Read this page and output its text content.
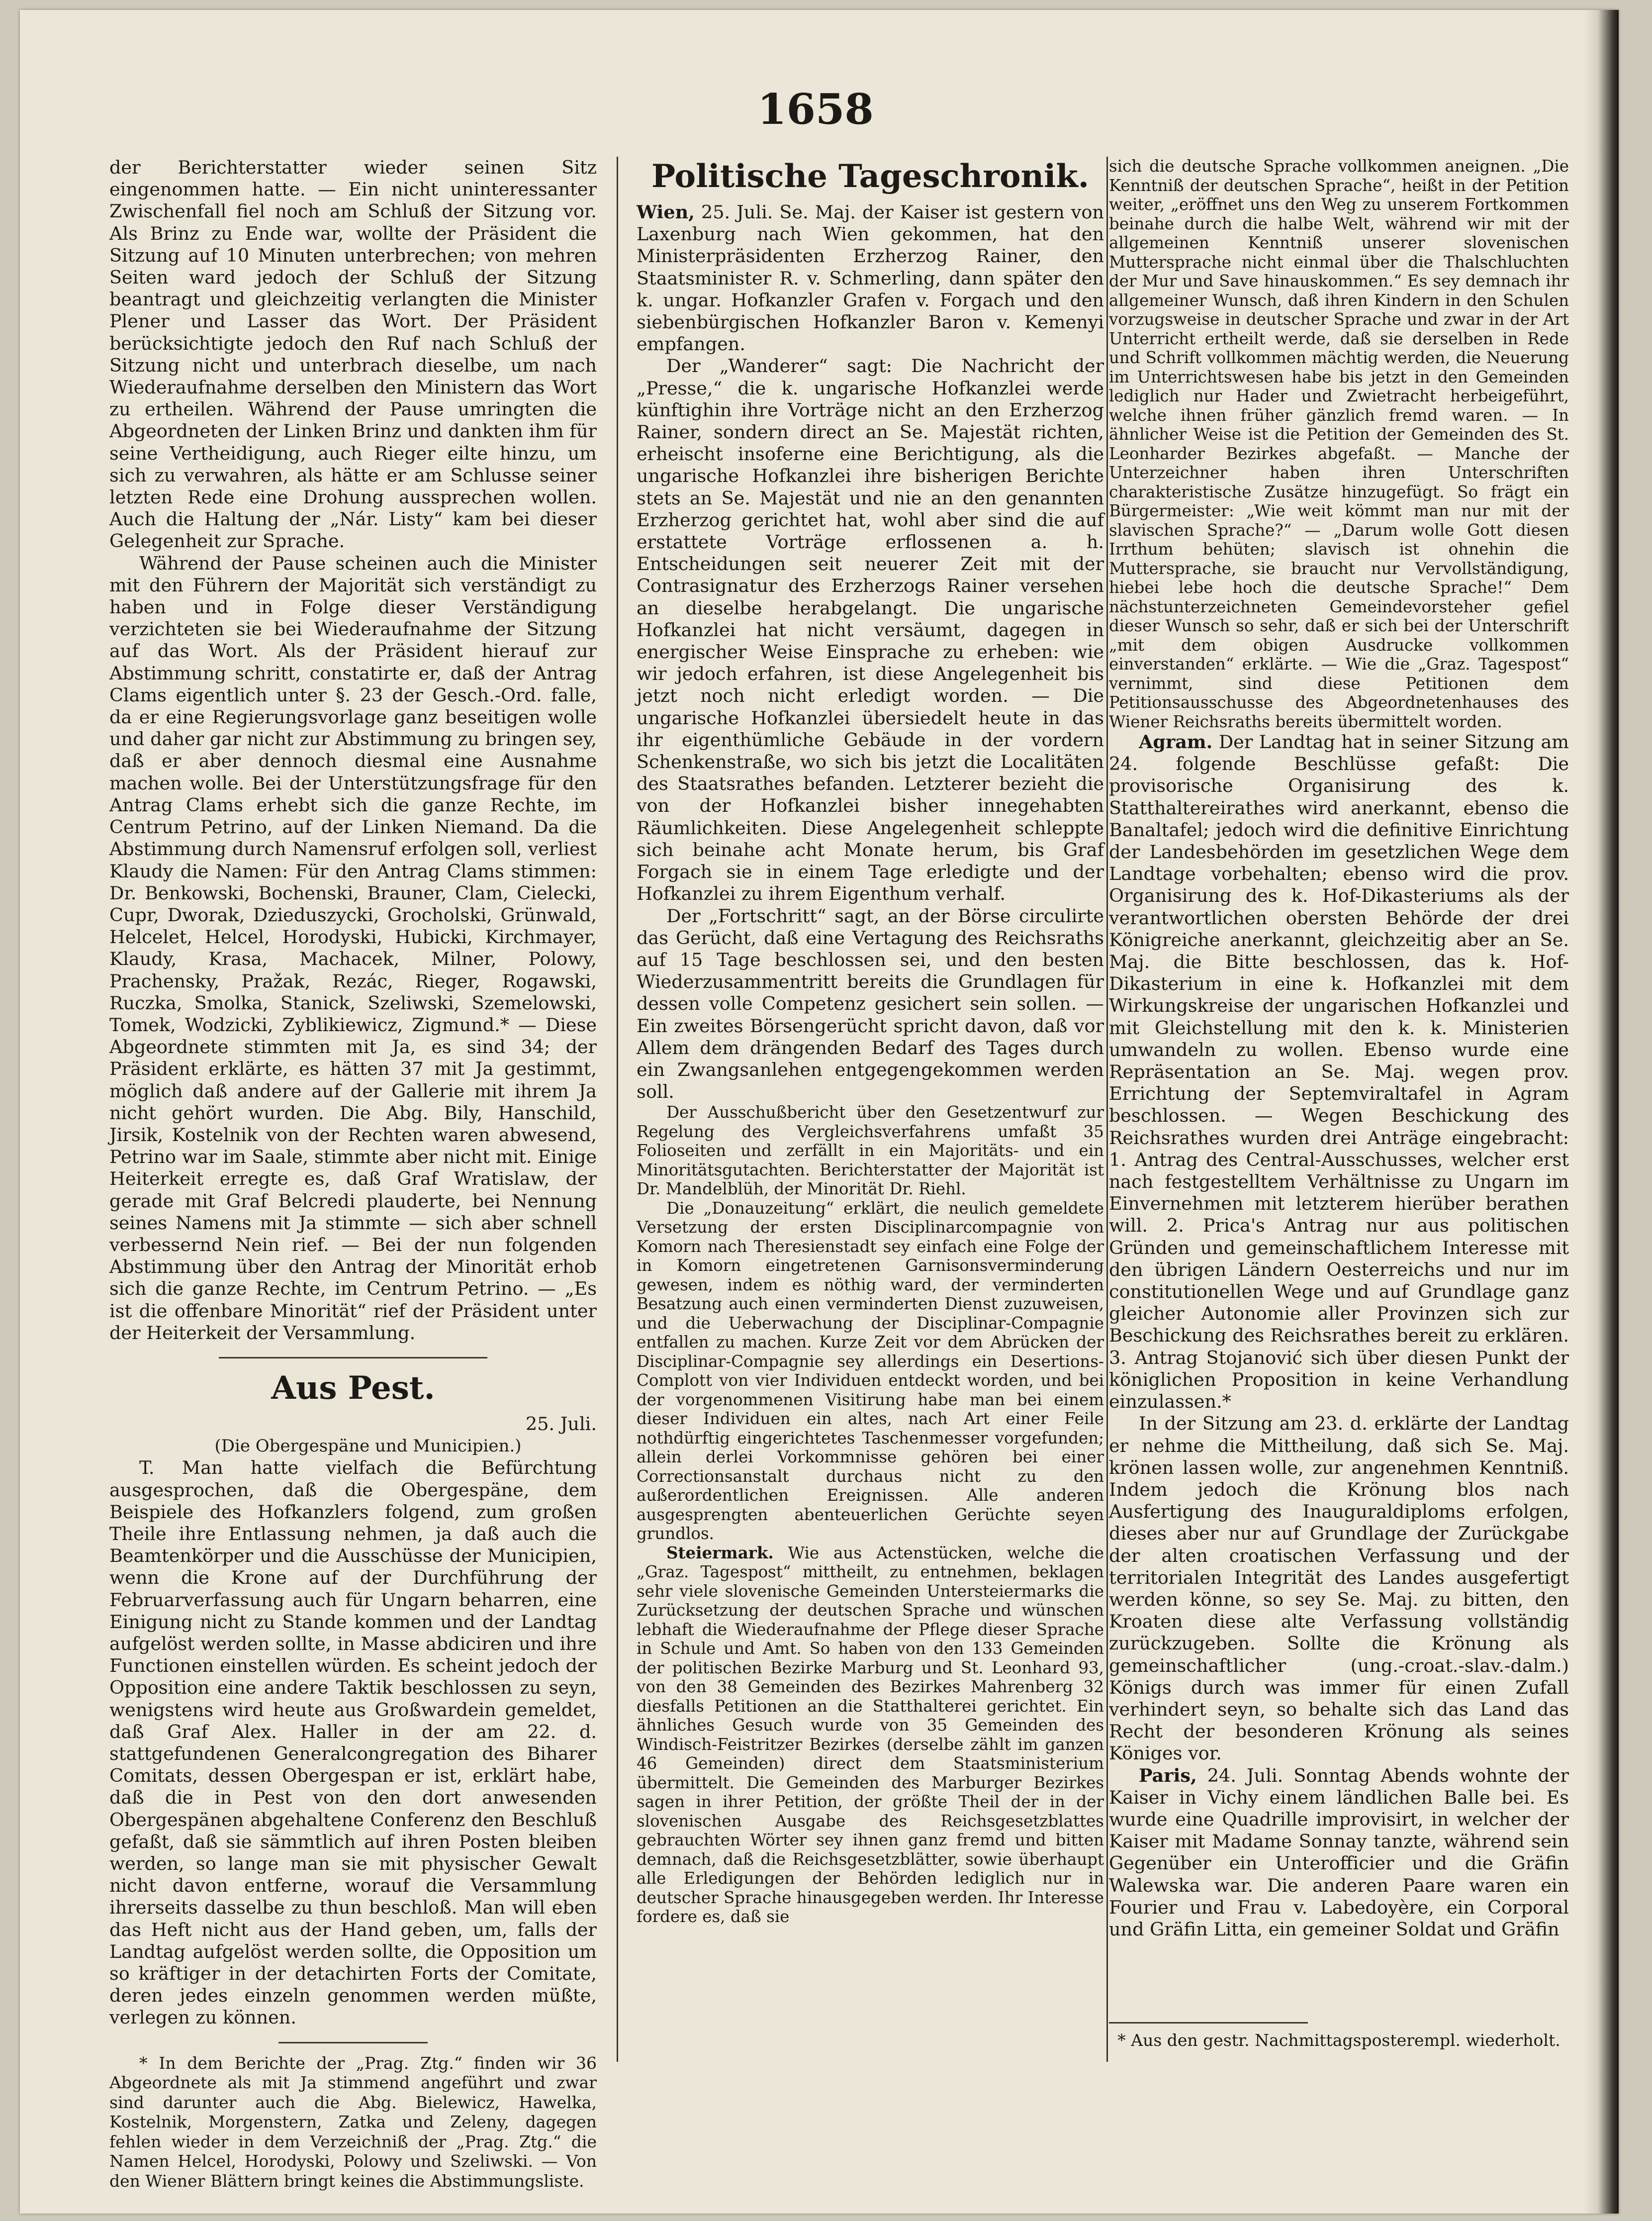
1658

der Berichterstatter wieder seinen Sitz eingenommen hatte. — Ein nicht uninteressanter Zwischenfall fiel noch am Schluß der Sitzung vor. Als Brinz zu Ende war, wollte der Präsident die Sitzung auf 10 Minuten unterbrechen; von mehren Seiten ward jedoch der Schluß der Sitzung beantragt und gleichzeitig verlangten die Minister Plener und Lasser das Wort. Der Präsident berücksichtigte jedoch den Ruf nach Schluß der Sitzung nicht und unterbrach dieselbe, um nach Wiederaufnahme derselben den Ministern das Wort zu ertheilen. Während der Pause umringten die Abgeordneten der Linken Brinz und dankten ihm für seine Vertheidigung, auch Rieger eilte hinzu, um sich zu verwahren, als hätte er am Schlusse seiner letzten Rede eine Drohung aussprechen wollen. Auch die Haltung der „Nár. Listy“ kam bei dieser Gelegenheit zur Sprache.

Während der Pause scheinen auch die Minister mit den Führern der Majorität sich verständigt zu haben und in Folge dieser Verständigung verzichteten sie bei Wiederaufnahme der Sitzung auf das Wort. Als der Präsident hierauf zur Abstimmung schritt, constatirte er, daß der Antrag Clams eigentlich unter §. 23 der Gesch.-Ord. falle, da er eine Regierungsvorlage ganz beseitigen wolle und daher gar nicht zur Abstimmung zu bringen sey, daß er aber dennoch diesmal eine Ausnahme machen wolle. Bei der Unterstützungsfrage für den Antrag Clams erhebt sich die ganze Rechte, im Centrum Petrino, auf der Linken Niemand. Da die Abstimmung durch Namensruf erfolgen soll, verliest Klaudy die Namen: Für den Antrag Clams stimmen: Dr. Benkowski, Bochenski, Brauner, Clam, Cielecki, Cupr, Dworak, Dzieduszycki, Grocholski, Grünwald, Helcelet, Helcel, Horodyski, Hubicki, Kirchmayer, Klaudy, Krasa, Machacek, Milner, Polowy, Prachensky, Pražak, Rezác, Rieger, Rogawski, Ruczka, Smolka, Stanick, Szeliwski, Szemelowski, Tomek, Wodzicki, Zyblikiewicz, Zigmund.* — Diese Abgeordnete stimmten mit Ja, es sind 34; der Präsident erklärte, es hätten 37 mit Ja gestimmt, möglich daß andere auf der Gallerie mit ihrem Ja nicht gehört wurden. Die Abg. Bily, Hanschild, Jirsik, Kostelnik von der Rechten waren abwesend, Petrino war im Saale, stimmte aber nicht mit. Einige Heiterkeit erregte es, daß Graf Wratislaw, der gerade mit Graf Belcredi plauderte, bei Nennung seines Namens mit Ja stimmte — sich aber schnell verbessernd Nein rief. — Bei der nun folgenden Abstimmung über den Antrag der Minorität erhob sich die ganze Rechte, im Centrum Petrino. — „Es ist die offenbare Minorität“ rief der Präsident unter der Heiterkeit der Versammlung.

Aus Pest.

25. Juli.

(Die Obergespäne und Municipien.)

T. Man hatte vielfach die Befürchtung ausgesprochen, daß die Obergespäne, dem Beispiele des Hofkanzlers folgend, zum großen Theile ihre Entlassung nehmen, ja daß auch die Beamtenkörper und die Ausschüsse der Municipien, wenn die Krone auf der Durchführung der Februarverfassung auch für Ungarn beharren, eine Einigung nicht zu Stande kommen und der Landtag aufgelöst werden sollte, in Masse abdiciren und ihre Functionen einstellen würden. Es scheint jedoch der Opposition eine andere Taktik beschlossen zu seyn, wenigstens wird heute aus Großwardein gemeldet, daß Graf Alex. Haller in der am 22. d. stattgefundenen Generalcongregation des Biharer Comitats, dessen Obergespan er ist, erklärt habe, daß die in Pest von den dort anwesenden Obergespänen abgehaltene Conferenz den Beschluß gefaßt, daß sie sämmtlich auf ihren Posten bleiben werden, so lange man sie mit physischer Gewalt nicht davon entferne, worauf die Versammlung ihrerseits dasselbe zu thun beschloß. Man will eben das Heft nicht aus der Hand geben, um, falls der Landtag aufgelöst werden sollte, die Opposition um so kräftiger in der detachirten Forts der Comitate, deren jedes einzeln genommen werden müßte, verlegen zu können.

* In dem Berichte der „Prag. Ztg.“ finden wir 36 Abgeordnete als mit Ja stimmend angeführt und zwar sind darunter auch die Abg. Bielewicz, Hawelka, Kostelnik, Morgenstern, Zatka und Zeleny, dagegen fehlen wieder in dem Verzeichniß der „Prag. Ztg.“ die Namen Helcel, Horodyski, Polowy und Szeliwski. — Von den Wiener Blättern bringt keines die Abstimmungsliste.

Politische Tageschronik.

Wien, 25. Juli. Se. Maj. der Kaiser ist gestern von Laxenburg nach Wien gekommen, hat den Ministerpräsidenten Erzherzog Rainer, den Staatsminister R. v. Schmerling, dann später den k. ungar. Hofkanzler Grafen v. Forgach und den siebenbürgischen Hofkanzler Baron v. Kemenyi empfangen.

Der „Wanderer“ sagt: Die Nachricht der „Presse,“ die k. ungarische Hofkanzlei werde künftighin ihre Vorträge nicht an den Erzherzog Rainer, sondern direct an Se. Majestät richten, erheischt insoferne eine Berichtigung, als die ungarische Hofkanzlei ihre bisherigen Berichte stets an Se. Majestät und nie an den genannten Erzherzog gerichtet hat, wohl aber sind die auf erstattete Vorträge erflossenen a. h. Entscheidungen seit neuerer Zeit mit der Contrasignatur des Erzherzogs Rainer versehen an dieselbe herabgelangt. Die ungarische Hofkanzlei hat nicht versäumt, dagegen in energischer Weise Einsprache zu erheben: wie wir jedoch erfahren, ist diese Angelegenheit bis jetzt noch nicht erledigt worden. — Die ungarische Hofkanzlei übersiedelt heute in das ihr eigenthümliche Gebäude in der vordern Schenkenstraße, wo sich bis jetzt die Localitäten des Staatsrathes befanden. Letzterer bezieht die von der Hofkanzlei bisher innegehabten Räumlichkeiten. Diese Angelegenheit schleppte sich beinahe acht Monate herum, bis Graf Forgach sie in einem Tage erledigte und der Hofkanzlei zu ihrem Eigenthum verhalf.

Der „Fortschritt“ sagt, an der Börse circulirte das Gerücht, daß eine Vertagung des Reichsraths auf 15 Tage beschlossen sei, und den besten Wiederzusammentritt bereits die Grundlagen für dessen volle Competenz gesichert sein sollen. — Ein zweites Börsengerücht spricht davon, daß vor Allem dem drängenden Bedarf des Tages durch ein Zwangsanlehen entgegengekommen werden soll.

Der Ausschußbericht über den Gesetzentwurf zur Regelung des Vergleichsverfahrens umfaßt 35 Folioseiten und zerfällt in ein Majoritäts- und ein Minoritätsgutachten. Berichterstatter der Majorität ist Dr. Mandelblüh, der Minorität Dr. Riehl.

Die „Donauzeitung“ erklärt, die neulich gemeldete Versetzung der ersten Disciplinarcompagnie von Komorn nach Theresienstadt sey einfach eine Folge der in Komorn eingetretenen Garnisonsverminderung gewesen, indem es nöthig ward, der verminderten Besatzung auch einen verminderten Dienst zuzuweisen, und die Ueberwachung der Disciplinar-Compagnie entfallen zu machen. Kurze Zeit vor dem Abrücken der Disciplinar-Compagnie sey allerdings ein Desertions-Complott von vier Individuen entdeckt worden, und bei der vorgenommenen Visitirung habe man bei einem dieser Individuen ein altes, nach Art einer Feile nothdürftig eingerichtetes Taschenmesser vorgefunden; allein derlei Vorkommnisse gehören bei einer Correctionsanstalt durchaus nicht zu den außerordentlichen Ereignissen. Alle anderen ausgesprengten abenteuerlichen Gerüchte seyen grundlos.

Steiermark. Wie aus Actenstücken, welche die „Graz. Tagespost“ mittheilt, zu entnehmen, beklagen sehr viele slovenische Gemeinden Untersteiermarks die Zurücksetzung der deutschen Sprache und wünschen lebhaft die Wiederaufnahme der Pflege dieser Sprache in Schule und Amt. So haben von den 133 Gemeinden der politischen Bezirke Marburg und St. Leonhard 93, von den 38 Gemeinden des Bezirkes Mahrenberg 32 diesfalls Petitionen an die Statthalterei gerichtet. Ein ähnliches Gesuch wurde von 35 Gemeinden des Windisch-Feistritzer Bezirkes (derselbe zählt im ganzen 46 Gemeinden) direct dem Staatsministerium übermittelt. Die Gemeinden des Marburger Bezirkes sagen in ihrer Petition, der größte Theil der in der slovenischen Ausgabe des Reichsgesetzblattes gebrauchten Wörter sey ihnen ganz fremd und bitten demnach, daß die Reichsgesetzblätter, sowie überhaupt alle Erledigungen der Behörden lediglich nur in deutscher Sprache hinausgegeben werden. Ihr Interesse fordere es, daß sie

sich die deutsche Sprache vollkommen aneignen. „Die Kenntniß der deutschen Sprache“, heißt in der Petition weiter, „eröffnet uns den Weg zu unserem Fortkommen beinahe durch die halbe Welt, während wir mit der allgemeinen Kenntniß unserer slovenischen Muttersprache nicht einmal über die Thalschluchten der Mur und Save hinauskommen.“ Es sey demnach ihr allgemeiner Wunsch, daß ihren Kindern in den Schulen vorzugsweise in deutscher Sprache und zwar in der Art Unterricht ertheilt werde, daß sie derselben in Rede und Schrift vollkommen mächtig werden, die Neuerung im Unterrichtswesen habe bis jetzt in den Gemeinden lediglich nur Hader und Zwietracht herbeigeführt, welche ihnen früher gänzlich fremd waren. — In ähnlicher Weise ist die Petition der Gemeinden des St. Leonharder Bezirkes abgefaßt. — Manche der Unterzeichner haben ihren Unterschriften charakteristische Zusätze hinzugefügt. So frägt ein Bürgermeister: „Wie weit kömmt man nur mit der slavischen Sprache?“ — „Darum wolle Gott diesen Irrthum behüten; slavisch ist ohnehin die Muttersprache, sie braucht nur Vervollständigung, hiebei lebe hoch die deutsche Sprache!“ Dem nächstunterzeichneten Gemeindevorsteher gefiel dieser Wunsch so sehr, daß er sich bei der Unterschrift „mit dem obigen Ausdrucke vollkommen einverstanden“ erklärte. — Wie die „Graz. Tagespost“ vernimmt, sind diese Petitionen dem Petitionsausschusse des Abgeordnetenhauses des Wiener Reichsraths bereits übermittelt worden.

Agram. Der Landtag hat in seiner Sitzung am 24. folgende Beschlüsse gefaßt: Die provisorische Organisirung des k. Statthaltereirathes wird anerkannt, ebenso die Banaltafel; jedoch wird die definitive Einrichtung der Landesbehörden im gesetzlichen Wege dem Landtage vorbehalten; ebenso wird die prov. Organisirung des k. Hof-Dikasteriums als der verantwortlichen obersten Behörde der drei Königreiche anerkannt, gleichzeitig aber an Se. Maj. die Bitte beschlossen, das k. Hof-Dikasterium in eine k. Hofkanzlei mit dem Wirkungskreise der ungarischen Hofkanzlei und mit Gleichstellung mit den k. k. Ministerien umwandeln zu wollen. Ebenso wurde eine Repräsentation an Se. Maj. wegen prov. Errichtung der Septemviraltafel in Agram beschlossen. — Wegen Beschickung des Reichsrathes wurden drei Anträge eingebracht: 1. Antrag des Central-Ausschusses, welcher erst nach festgestelltem Verhältnisse zu Ungarn im Einvernehmen mit letzterem hierüber berathen will. 2. Prica's Antrag nur aus politischen Gründen und gemeinschaftlichem Interesse mit den übrigen Ländern Oesterreichs und nur im constitutionellen Wege und auf Grundlage ganz gleicher Autonomie aller Provinzen sich zur Beschickung des Reichsrathes bereit zu erklären. 3. Antrag Stojanović sich über diesen Punkt der königlichen Proposition in keine Verhandlung einzulassen.*

In der Sitzung am 23. d. erklärte der Landtag er nehme die Mittheilung, daß sich Se. Maj. krönen lassen wolle, zur angenehmen Kenntniß. Indem jedoch die Krönung blos nach Ausfertigung des Inauguraldiploms erfolgen, dieses aber nur auf Grundlage der Zurückgabe der alten croatischen Verfassung und der territorialen Integrität des Landes ausgefertigt werden könne, so sey Se. Maj. zu bitten, den Kroaten diese alte Verfassung vollständig zurückzugeben. Sollte die Krönung als gemeinschaftlicher (ung.-croat.-slav.-dalm.) Königs durch was immer für einen Zufall verhindert seyn, so behalte sich das Land das Recht der besonderen Krönung als seines Königes vor.

Paris, 24. Juli. Sonntag Abends wohnte der Kaiser in Vichy einem ländlichen Balle bei. Es wurde eine Quadrille improvisirt, in welcher der Kaiser mit Madame Sonnay tanzte, während sein Gegenüber ein Unterofficier und die Gräfin Walewska war. Die anderen Paare waren ein Fourier und Frau v. Labedoyère, ein Corporal und Gräfin Litta, ein gemeiner Soldat und Gräfin

* Aus den gestr. Nachmittagsposterempl. wiederholt.
